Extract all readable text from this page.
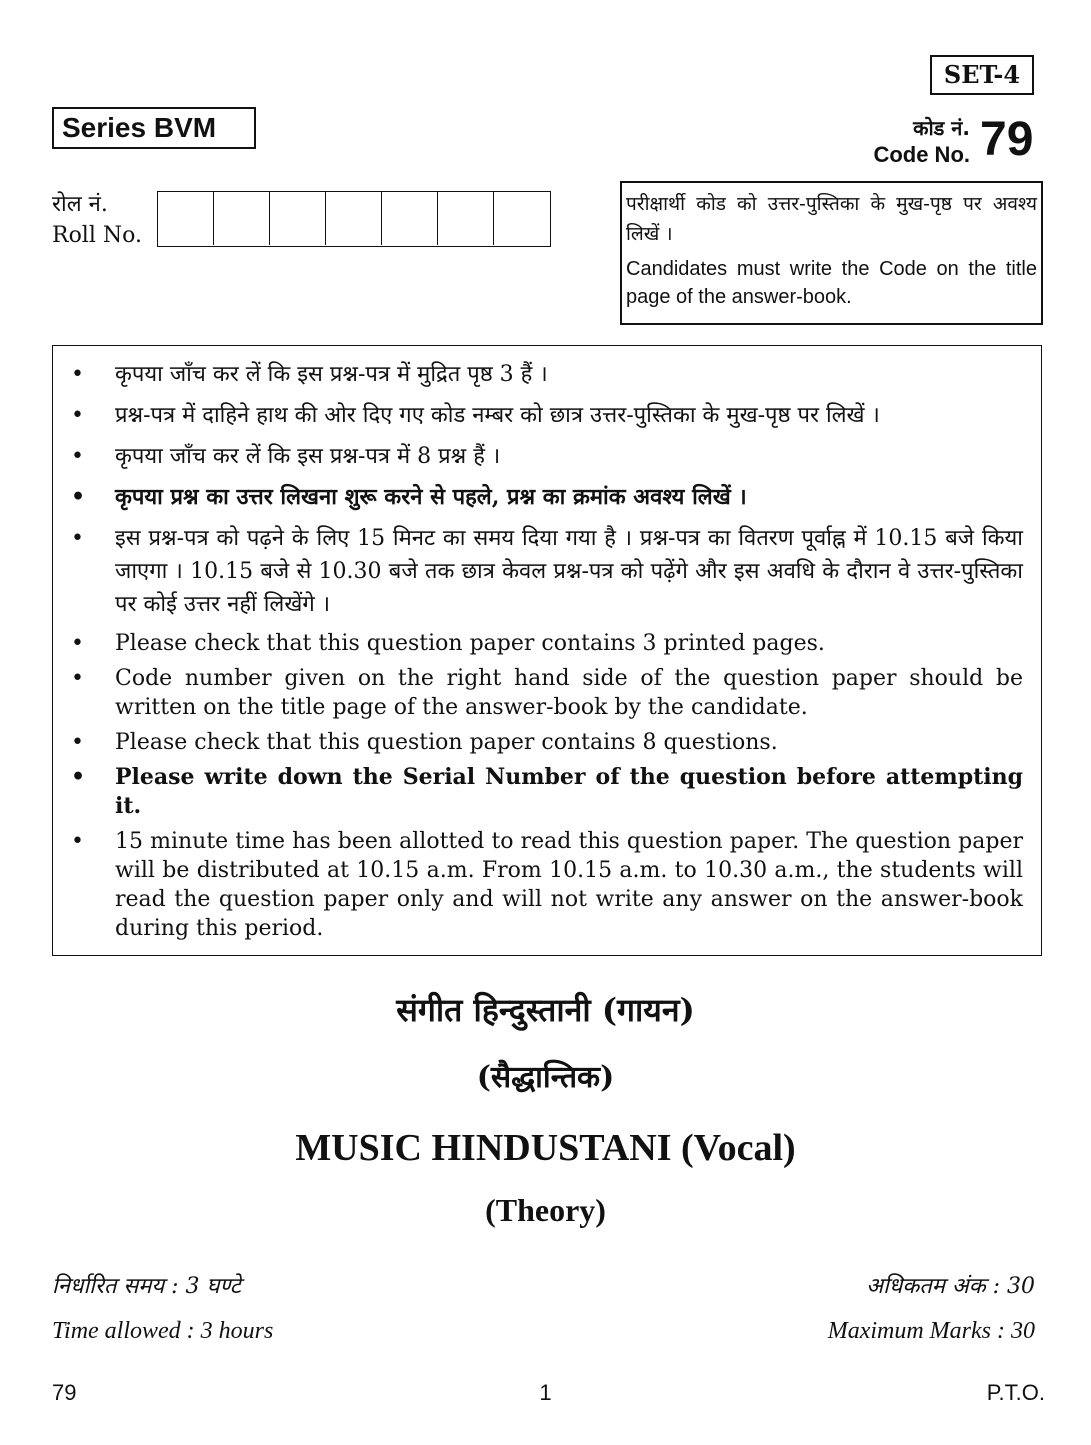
SET-4
Series BVM	कोड नं.
Code No. 79
रोल नं.
Roll No.
परीक्षार्थी कोड को उत्तर-पुस्तिका के मुख-पृष्ठ पर अवश्य लिखें ।
Candidates must write the Code on the title page of the answer-book.
• कृपया जाँच कर लें कि इस प्रश्न-पत्र में मुद्रित पृष्ठ 3 हैं ।
• प्रश्न-पत्र में दाहिने हाथ की ओर दिए गए कोड नम्बर को छात्र उत्तर-पुस्तिका के मुख-पृष्ठ पर लिखें ।
• कृपया जाँच कर लें कि इस प्रश्न-पत्र में 8 प्रश्न हैं ।
• कृपया प्रश्न का उत्तर लिखना शुरू करने से पहले, प्रश्न का क्रमांक अवश्य लिखें ।
• इस प्रश्न-पत्र को पढ़ने के लिए 15 मिनट का समय दिया गया है । प्रश्न-पत्र का वितरण पूर्वाह्न में 10.15 बजे किया जाएगा । 10.15 बजे से 10.30 बजे तक छात्र केवल प्रश्न-पत्र को पढ़ेंगे और इस अवधि के दौरान वे उत्तर-पुस्तिका पर कोई उत्तर नहीं लिखेंगे ।
• Please check that this question paper contains 3 printed pages.
• Code number given on the right hand side of the question paper should be written on the title page of the answer-book by the candidate.
• Please check that this question paper contains 8 questions.
• Please write down the Serial Number of the question before attempting it.
• 15 minute time has been allotted to read this question paper. The question paper will be distributed at 10.15 a.m. From 10.15 a.m. to 10.30 a.m., the students will read the question paper only and will not write any answer on the answer-book during this period.
संगीत हिन्दुस्तानी (गायन)
(सैद्धान्तिक)
MUSIC HINDUSTANI (Vocal)
(Theory)
निर्धारित समय : 3 घण्टे	अधिकतम अंक : 30
Time allowed : 3 hours	Maximum Marks : 30
79	1	P.T.O.
